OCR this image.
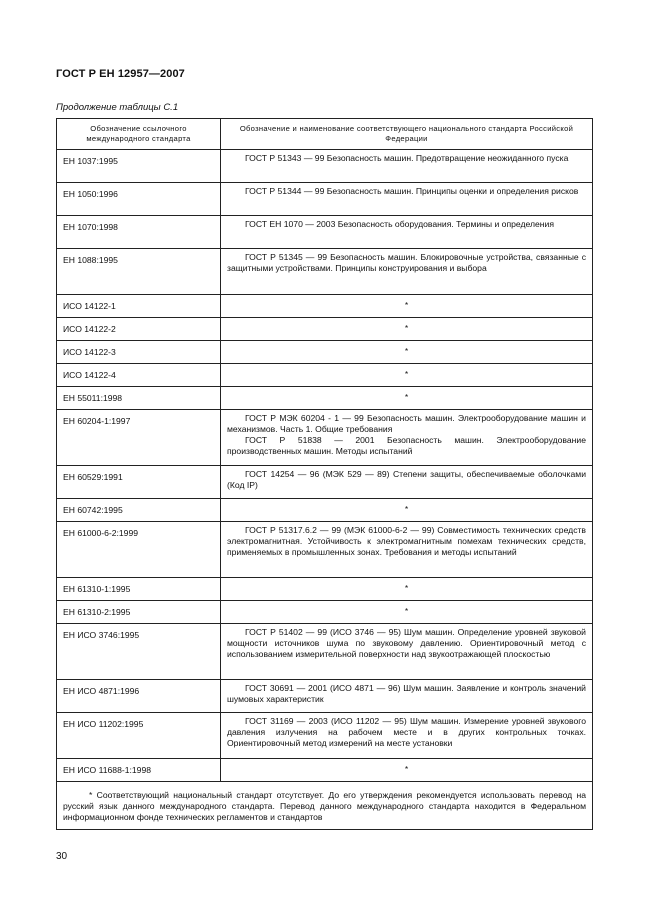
ГОСТ Р ЕН 12957—2007
Продолжение таблицы С.1
Обозначение ссылочного международного стандарта	Обозначение и наименование соответствующего национального стандарта Российской Федерации
ЕН 1037:1995	ГОСТ Р 51343 — 99 Безопасность машин. Предотвращение неожиданного пуска

ЕН 1050:1996	ГОСТ Р 51344 — 99 Безопасность машин. Принципы оценки и определения рисков

ЕН 1070:1998	ГОСТ ЕН 1070 — 2003 Безопасность оборудования. Термины и определения

ЕН 1088:1995	ГОСТ Р 51345 — 99 Безопасность машин. Блокировочные устройства, связанные с защитными устройствами. Принципы конструирования и выбора

ИСО 14122-1	*

ИСО 14122-2	*

ИСО 14122-3	*

ИСО 14122-4	*

ЕН 55011:1998	*

ЕН 60204-1:1997	ГОСТ Р МЭК 60204 - 1 — 99 Безопасность машин. Электрооборудование машин и механизмов. Часть 1. Общие требования
ГОСТ Р 51838 — 2001 Безопасность машин. Электрооборудование производственных машин. Методы испытаний

ЕН 60529:1991	ГОСТ 14254 — 96 (МЭК 529 — 89) Степени защиты, обеспечиваемые оболочками (Код IP)

ЕН 60742:1995	*

ЕН 61000-6-2:1999	ГОСТ Р 51317.6.2 — 99 (МЭК 61000-6-2 — 99) Совместимость технических средств электромагнитная. Устойчивость к электромагнитным помехам технических средств, применяемых в промышленных зонах. Требования и методы испытаний

ЕН 61310-1:1995	*

ЕН 61310-2:1995	*

ЕН ИСО 3746:1995	ГОСТ Р 51402 — 99 (ИСО 3746 — 95) Шум машин. Определение уровней звуковой мощности источников шума по звуковому давлению. Ориентировочный метод с использованием измерительной поверхности над звукоотражающей плоскостью

ЕН ИСО 4871:1996	ГОСТ 30691 — 2001 (ИСО 4871 — 96) Шум машин. Заявление и контроль значений шумовых характеристик

ЕН ИСО 11202:1995	ГОСТ 31169 — 2003 (ИСО 11202 — 95) Шум машин. Измерение уровней звукового давления излучения на рабочем месте и в других контрольных точках. Ориентировочный метод измерений на месте установки

ЕН ИСО 11688-1:1998	*

* Соответствующий национальный стандарт отсутствует. До его утверждения рекомендуется использовать перевод на русский язык данного международного стандарта. Перевод данного международного стандарта находится в Федеральном информационном фонде технических регламентов и стандартов	
30
